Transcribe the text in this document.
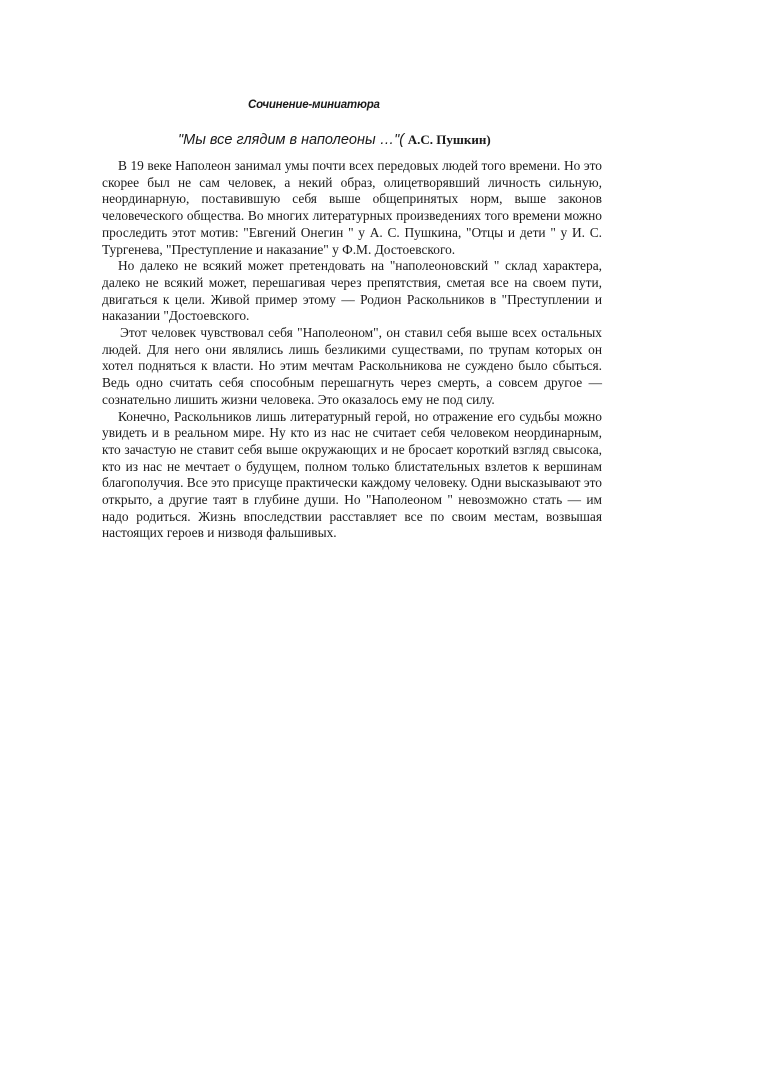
Сочинение-миниатюра
"Мы все глядим в наполеоны …"( А.С. Пушкин)

В 19 веке Наполеон занимал умы почти всех передовых людей того времени. Но это скорее был не сам человек, а некий образ, олицетворявший личность сильную, неординарную, поставившую себя выше общепринятых норм, выше законов человеческого общества. Во многих литературных произведениях того времени можно проследить этот мотив: "Евгений Онегин " у А. С. Пушкина, "Отцы и дети " у И. С. Тургенева, "Преступление и наказание" у Ф.М. Достоевского.

Но далеко не всякий может претендовать на "наполеоновский " склад характера, далеко не всякий может, перешагивая через препятствия, сметая все на своем пути, двигаться к цели. Живой пример этому — Родион Раскольников в "Преступлении и наказании "Достоевского.

Этот человек чувствовал себя "Наполеоном", он ставил себя выше всех остальных людей. Для него они являлись лишь безликими существами, по трупам которых он хотел подняться к власти. Но этим мечтам Раскольникова не суждено было сбыться. Ведь одно считать себя способным перешагнуть через смерть, а совсем другое — сознательно лишить жизни человека. Это оказалось ему не под силу.

Конечно, Раскольников лишь литературный герой, но отражение его судьбы можно увидеть и в реальном мире. Ну кто из нас не считает себя человеком неординарным, кто зачастую не ставит себя выше окружающих и не бросает короткий взгляд свысока, кто из нас не мечтает о будущем, полном только блистательных взлетов к вершинам благополучия. Все это присуще практически каждому человеку. Одни высказывают это открыто, а другие таят в глубине души. Но "Наполеоном " невозможно стать — им надо родиться. Жизнь впоследствии расставляет все по своим местам, возвышая настоящих героев и низводя фальшивых.
